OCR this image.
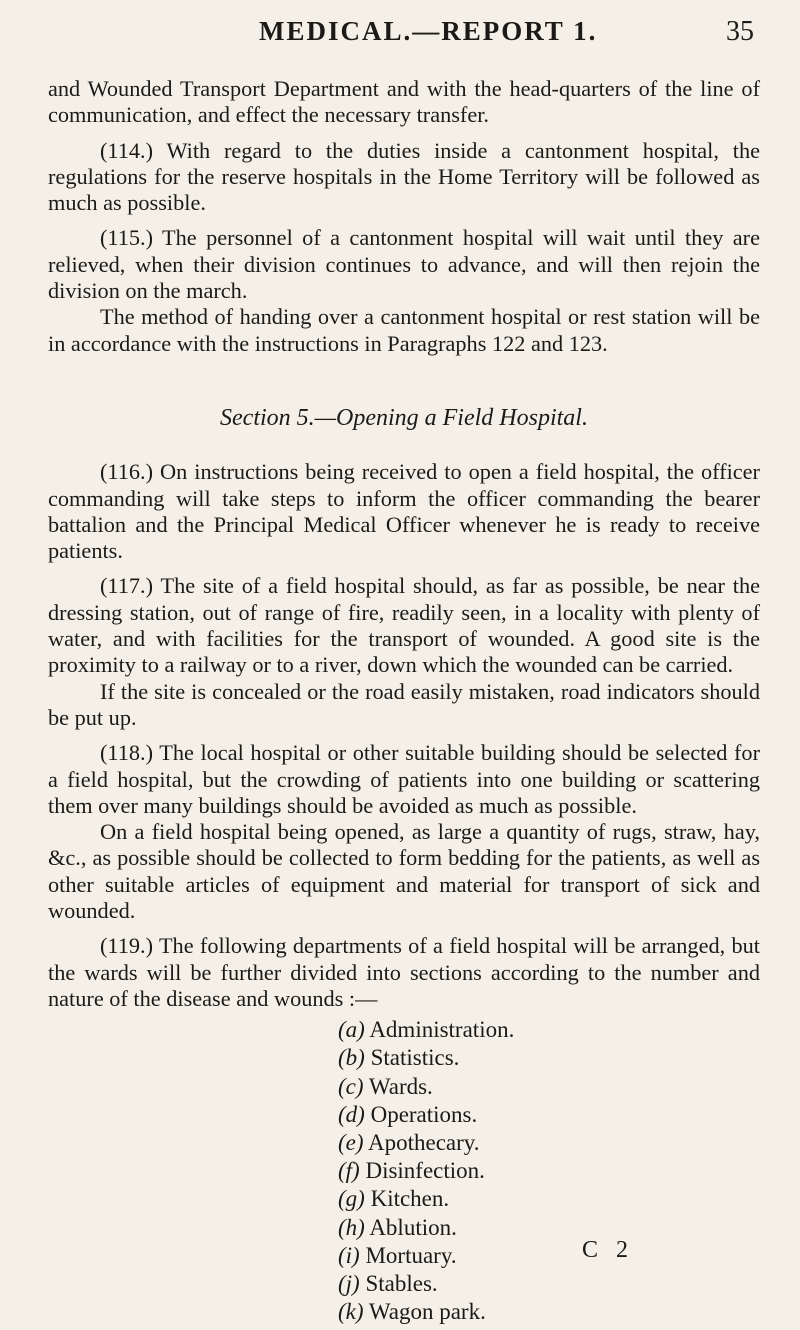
MEDICAL.—REPORT 1.	35

and Wounded Transport Department and with the head-quarters of the line of communication, and effect the necessary transfer.

(114.) With regard to the duties inside a cantonment hospital, the regulations for the reserve hospitals in the Home Territory will be followed as much as possible.

(115.) The personnel of a cantonment hospital will wait until they are relieved, when their division continues to advance, and will then rejoin the division on the march.

The method of handing over a cantonment hospital or rest station will be in accordance with the instructions in Paragraphs 122 and 123.

Section 5.—Opening a Field Hospital.

(116.) On instructions being received to open a field hospital, the officer commanding will take steps to inform the officer commanding the bearer battalion and the Principal Medical Officer whenever he is ready to receive patients.

(117.) The site of a field hospital should, as far as possible, be near the dressing station, out of range of fire, readily seen, in a locality with plenty of water, and with facilities for the transport of wounded. A good site is the proximity to a railway or to a river, down which the wounded can be carried.

If the site is concealed or the road easily mistaken, road indicators should be put up.

(118.) The local hospital or other suitable building should be selected for a field hospital, but the crowding of patients into one building or scattering them over many buildings should be avoided as much as possible.

On a field hospital being opened, as large a quantity of rugs, straw, hay, &c., as possible should be collected to form bedding for the patients, as well as other suitable articles of equipment and material for transport of sick and wounded.

(119.) The following departments of a field hospital will be arranged, but the wards will be further divided into sections according to the number and nature of the disease and wounds :—

(a) Administration.
(b) Statistics.
(c) Wards.
(d) Operations.
(e) Apothecary.
(f) Disinfection.
(g) Kitchen.
(h) Ablution.
(i) Mortuary.
(j) Stables.
(k) Wagon park.
C 2
